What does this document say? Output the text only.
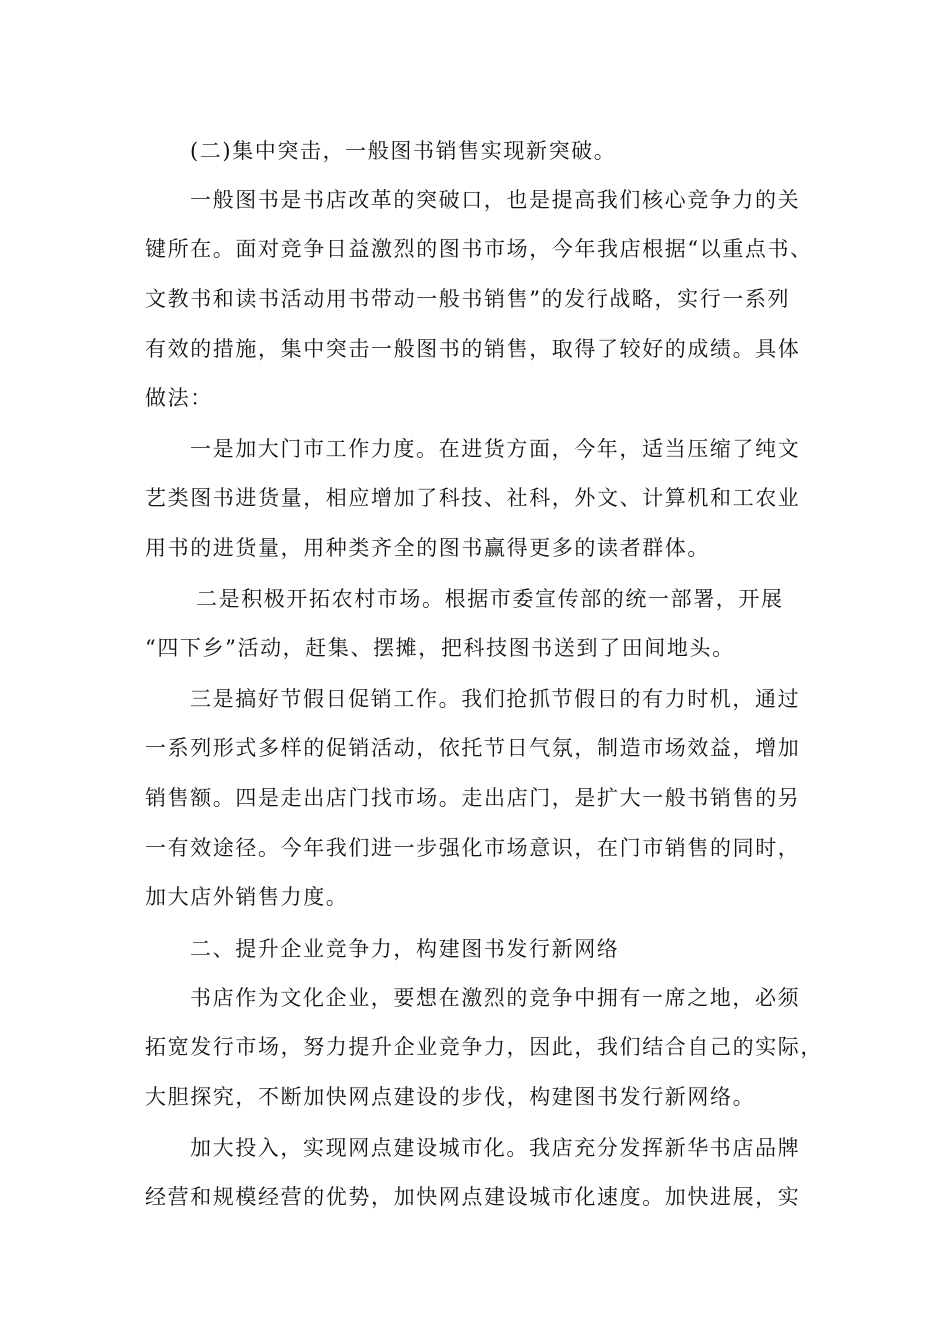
(二)集中突击，一般图书销售实现新突破。

一般图书是书店改革的突破口，也是提高我们核心竞争力的关

键所在。面对竞争日益激烈的图书市场，今年我店根据“以重点书、

文教书和读书活动用书带动一般书销售”的发行战略，实行一系列

有效的措施，集中突击一般图书的销售，取得了较好的成绩。具体

做法：

一是加大门市工作力度。在进货方面，今年，适当压缩了纯文

艺类图书进货量，相应增加了科技、社科，外文、计算机和工农业

用书的进货量，用种类齐全的图书赢得更多的读者群体。

二是积极开拓农村市场。根据市委宣传部的统一部署，开展

“四下乡”活动，赶集、摆摊，把科技图书送到了田间地头。

三是搞好节假日促销工作。我们抢抓节假日的有力时机，通过

一系列形式多样的促销活动，依托节日气氛，制造市场效益，增加

销售额。四是走出店门找市场。走出店门，是扩大一般书销售的另

一有效途径。今年我们进一步强化市场意识，在门市销售的同时，

加大店外销售力度。

二、提升企业竞争力，构建图书发行新网络

书店作为文化企业，要想在激烈的竞争中拥有一席之地，必须

拓宽发行市场，努力提升企业竞争力，因此，我们结合自己的实际，

大胆探究，不断加快网点建设的步伐，构建图书发行新网络。

加大投入，实现网点建设城市化。我店充分发挥新华书店品牌

经营和规模经营的优势，加快网点建设城市化速度。加快进展，实
